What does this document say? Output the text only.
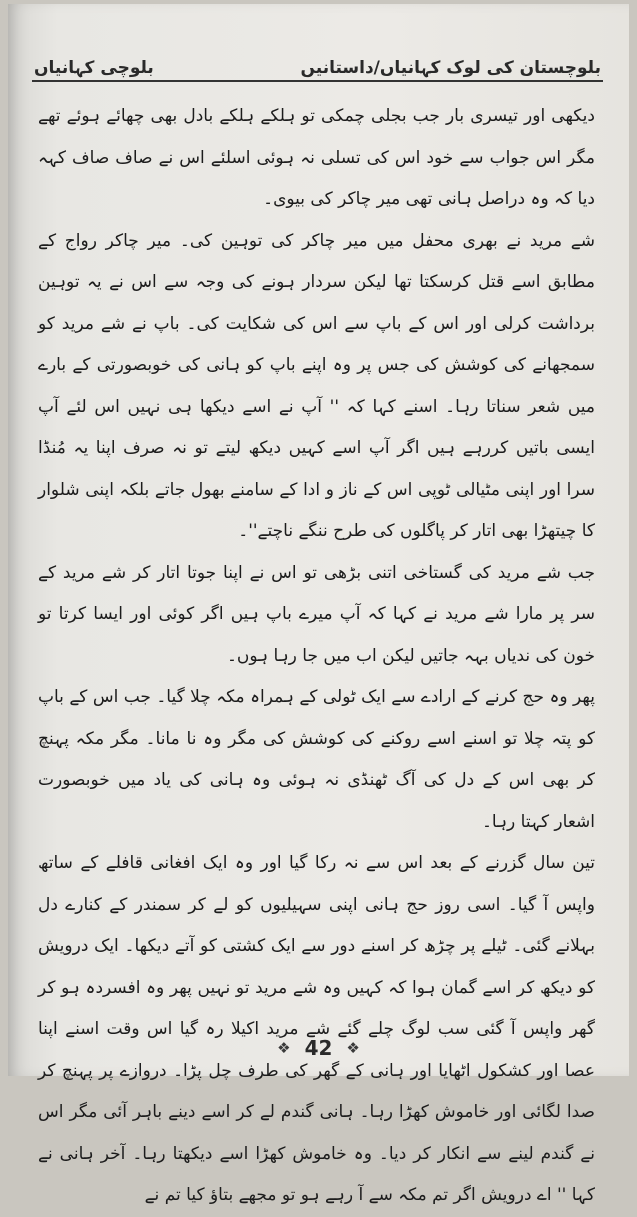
بلوچی کہانیاں	بلوچستان کی لوک کہانیاں/داستانیں

دیکھی اور تیسری بار جب بجلی چمکی تو ہلکے ہلکے بادل بھی چھائے ہوئے تھے مگر اس جواب سے خود اس کی تسلی نہ ہوئی اسلئے اس نے صاف صاف کہہ دیا کہ وہ دراصل ہانی تھی میر چاکر کی بیوی۔

شے مرید نے بھری محفل میں میر چاکر کی توہین کی۔ میر چاکر رواج کے مطابق اسے قتل کرسکتا تھا لیکن سردار ہونے کی وجہ سے اس نے یہ توہین برداشت کرلی اور اس کے باپ سے اس کی شکایت کی۔ باپ نے شے مرید کو سمجھانے کی کوشش کی جس پر وہ اپنے باپ کو ہانی کی خوبصورتی کے بارے میں شعر سناتا رہا۔ اسنے کہا کہ '' آپ نے اسے دیکھا ہی نہیں اس لئے آپ ایسی باتیں کررہے ہیں اگر آپ اسے کہیں دیکھ لیتے تو نہ صرف اپنا یہ مُنڈا سرا اور اپنی مٹیالی ٹوپی اس کے ناز و ادا کے سامنے بھول جاتے بلکہ اپنی شلوار کا چیتھڑا بھی اتار کر پاگلوں کی طرح ننگے ناچتے''۔

جب شے مرید کی گستاخی اتنی بڑھی تو اس نے اپنا جوتا اتار کر شے مرید کے سر پر مارا شے مرید نے کہا کہ آپ میرے باپ ہیں اگر کوئی اور ایسا کرتا تو خون کی ندیاں بہہ جاتیں لیکن اب میں جا رہا ہوں۔

پھر وہ حج کرنے کے ارادے سے ایک ٹولی کے ہمراہ مکہ چلا گیا۔ جب اس کے باپ کو پتہ چلا تو اسنے اسے روکنے کی کوشش کی مگر وہ نا مانا۔ مگر مکہ پہنچ کر بھی اس کے دل کی آگ ٹھنڈی نہ ہوئی وہ ہانی کی یاد میں خوبصورت اشعار کہتا رہا۔

تین سال گزرنے کے بعد اس سے نہ رکا گیا اور وہ ایک افغانی قافلے کے ساتھ واپس آ گیا۔ اسی روز حج ہانی اپنی سہیلیوں کو لے کر سمندر کے کنارے دل بہلانے گئی۔ ٹیلے پر چڑھ کر اسنے دور سے ایک کشتی کو آتے دیکھا۔ ایک درویش کو دیکھ کر اسے گمان ہوا کہ کہیں وہ شے مرید تو نہیں پھر وہ افسردہ ہو کر گھر واپس آ گئی سب لوگ چلے گئے شے مرید اکیلا رہ گیا اس وقت اسنے اپنا عصا اور کشکول اٹھایا اور ہانی کے گھر کی طرف چل پڑا۔ دروازے پر پہنچ کر صدا لگائی اور خاموش کھڑا رہا۔ ہانی گندم لے کر اسے دینے باہر آئی مگر اس نے گندم لینے سے انکار کر دیا۔ وہ خاموش کھڑا اسے دیکھتا رہا۔ آخر ہانی نے کہا '' اے درویش اگر تم مکہ سے آ رہے ہو تو مجھے بتاؤ کیا تم نے

❖ 42 ❖
